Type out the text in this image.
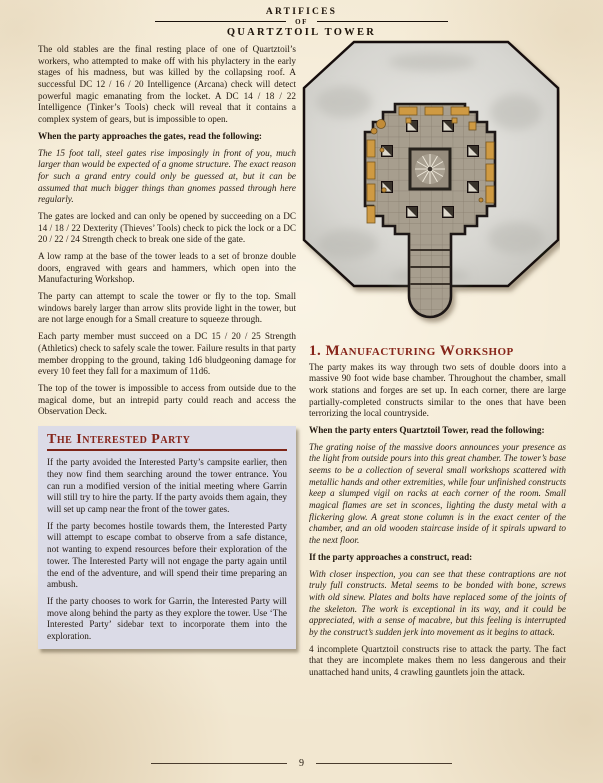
ARTIFICES
OF
QUARTZTOIL TOWER

The old stables are the final resting place of one of Quartztoil’s workers, who attempted to make off with his phylactery in the early stages of his madness, but was killed by the collapsing roof. A successful DC 12 / 16 / 20 Intelligence (Arcana) check will detect powerful magic emanating from the locket. A DC 14 / 18 / 22 Intelligence (Tinker’s Tools) check will reveal that it contains a complex system of gears, but is impossible to open.

When the party approaches the gates, read the following:

The 15 foot tall, steel gates rise imposingly in front of you, much larger than would be expected of a gnome structure. The exact reason for such a grand entry could only be guessed at, but it can be assumed that much bigger things than gnomes passed through here regularly.

The gates are locked and can only be opened by succeeding on a DC 14 / 18 / 22 Dexterity (Thieves’ Tools) check to pick the lock or a DC 20 / 22 / 24 Strength check to break one side of the gate.

A low ramp at the base of the tower leads to a set of bronze double doors, engraved with gears and hammers, which open into the Manufacturing Workshop.

The party can attempt to scale the tower or fly to the top. Small windows barely larger than arrow slits provide light in the tower, but are not large enough for a Small creature to squeeze through.

Each party member must succeed on a DC 15 / 20 / 25 Strength (Athletics) check to safely scale the tower. Failure results in that party member dropping to the ground, taking 1d6 bludgeoning damage for every 10 feet they fall for a maximum of 11d6.

The top of the tower is impossible to access from outside due to the magical dome, but an intrepid party could reach and access the Observation Deck.

The Interested Party

If the party avoided the Interested Party’s campsite earlier, then they now find them searching around the tower entrance. You can run a modified version of the initial meeting where Garrin will still try to hire the party. If the party avoids them again, they will set up camp near the front of the tower gates.

If the party becomes hostile towards them, the Interested Party will attempt to escape combat to observe from a safe distance, not wanting to expend resources before their exploration of the tower. The Interested Party will not engage the party again until the end of the adventure, and will spend their time preparing an ambush.

If the party chooses to work for Garrin, the Interested Party will move along behind the party as they explore the tower. Use ‘The Interested Party’ sidebar text to incorporate them into the exploration.

1. Manufacturing Workshop

The party makes its way through two sets of double doors into a massive 90 foot wide base chamber. Throughout the chamber, small work stations and forges are set up. In each corner, there are large partially-completed constructs similar to the ones that have been terrorizing the local countryside.

When the party enters Quartztoil Tower, read the following:

The grating noise of the massive doors announces your presence as the light from outside pours into this great chamber. The tower’s base seems to be a collection of several small workshops scattered with metallic hands and other extremities, while four unfinished constructs keep a slumped vigil on racks at each corner of the room. Small magical flames are set in sconces, lighting the dusty metal with a flickering glow. A great stone column is in the exact center of the chamber, and an old wooden staircase inside of it spirals upward to the next floor.

If the party approaches a construct, read:

With closer inspection, you can see that these contraptions are not truly full constructs. Metal seems to be bonded with bone, screws with old sinew. Plates and bolts have replaced some of the joints of the skeleton. The work is exceptional in its way, and it could be appreciated, with a sense of macabre, but this feeling is interrupted by the construct’s sudden jerk into movement as it begins to attack.

4 incomplete Quartztoil constructs rise to attack the party. The fact that they are incomplete makes them no less dangerous and their unattached hand units, 4 crawling gauntlets join the attack.

9
